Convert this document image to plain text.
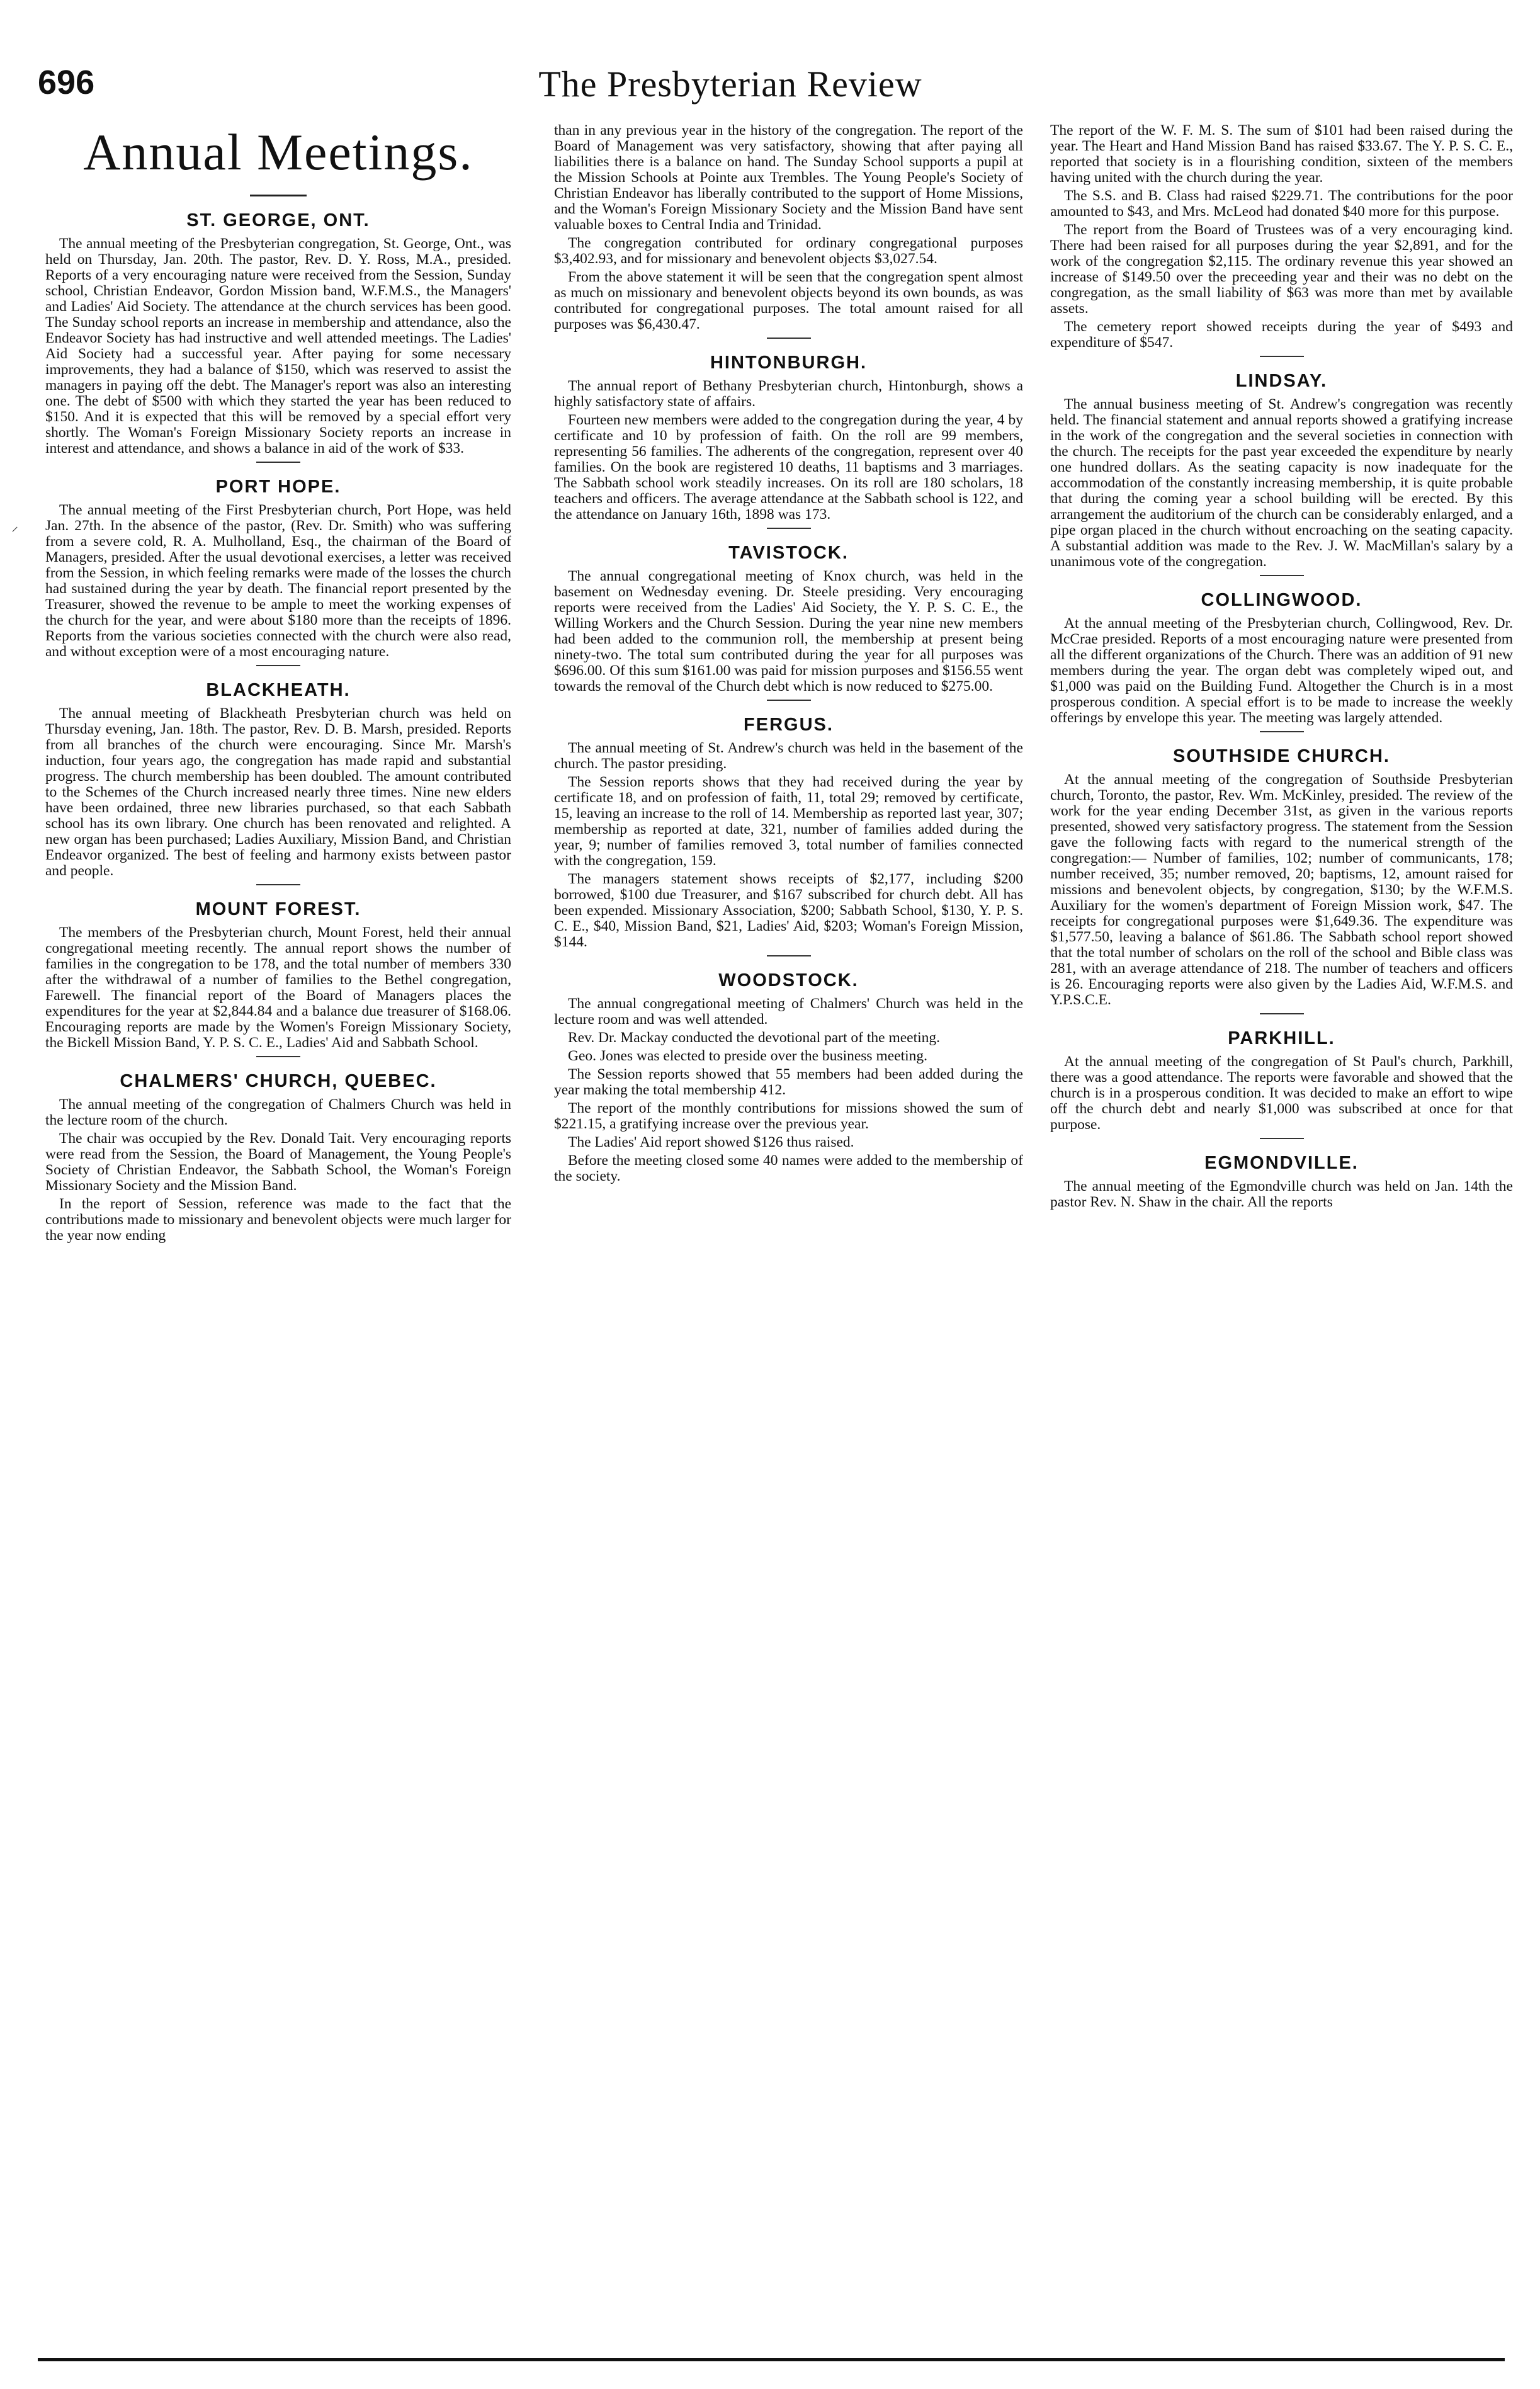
696	The Presbyterian Review
⸝
Annual Meetings.
ST. GEORGE, ONT.

The annual meeting of the Presbyterian congregation, St. George, Ont., was held on Thursday, Jan. 20th. The pastor, Rev. D. Y. Ross, M.A., presided. Reports of a very encouraging nature were received from the Session, Sunday school, Christian Endeavor, Gordon Mission band, W.F.M.S., the Managers' and Ladies' Aid Society. The attendance at the church services has been good. The Sunday school reports an increase in membership and attendance, also the Endeavor Society has had instructive and well attended meetings. The Ladies' Aid Society had a successful year. After paying for some necessary improvements, they had a balance of $150, which was reserved to assist the managers in paying off the debt. The Manager's report was also an interesting one. The debt of $500 with which they started the year has been reduced to $150. And it is expected that this will be removed by a special effort very shortly. The Woman's Foreign Missionary Society reports an increase in interest and attendance, and shows a balance in aid of the work of $33.

PORT HOPE.

The annual meeting of the First Presbyterian church, Port Hope, was held Jan. 27th. In the absence of the pastor, (Rev. Dr. Smith) who was suffering from a severe cold, R. A. Mulholland, Esq., the chairman of the Board of Managers, presided. After the usual devotional exercises, a letter was received from the Session, in which feeling remarks were made of the losses the church had sustained during the year by death. The financial report presented by the Treasurer, showed the revenue to be ample to meet the working expenses of the church for the year, and were about $180 more than the receipts of 1896. Reports from the various societies connected with the church were also read, and without exception were of a most encouraging nature.

BLACKHEATH.

The annual meeting of Blackheath Presbyterian church was held on Thursday evening, Jan. 18th. The pastor, Rev. D. B. Marsh, presided. Reports from all branches of the church were encouraging. Since Mr. Marsh's induction, four years ago, the congregation has made rapid and substantial progress. The church membership has been doubled. The amount contributed to the Schemes of the Church increased nearly three times. Nine new elders have been ordained, three new libraries purchased, so that each Sabbath school has its own library. One church has been renovated and relighted. A new organ has been purchased; Ladies Auxiliary, Mission Band, and Christian Endeavor organized. The best of feeling and harmony exists between pastor and people.

MOUNT FOREST.

The members of the Presbyterian church, Mount Forest, held their annual congregational meeting recently. The annual report shows the number of families in the congregation to be 178, and the total number of members 330 after the withdrawal of a number of families to the Bethel congregation, Farewell. The financial report of the Board of Managers places the expenditures for the year at $2,844.84 and a balance due treasurer of $168.06. Encouraging reports are made by the Women's Foreign Missionary Society, the Bickell Mission Band, Y. P. S. C. E., Ladies' Aid and Sabbath School.

CHALMERS' CHURCH, QUEBEC.

The annual meeting of the congregation of Chalmers Church was held in the lecture room of the church.

The chair was occupied by the Rev. Donald Tait. Very encouraging reports were read from the Session, the Board of Management, the Young People's Society of Christian Endeavor, the Sabbath School, the Woman's Foreign Missionary Society and the Mission Band.

In the report of Session, reference was made to the fact that the contributions made to missionary and benevolent objects were much larger for the year now ending

than in any previous year in the history of the congregation. The report of the Board of Management was very satisfactory, showing that after paying all liabilities there is a balance on hand. The Sunday School supports a pupil at the Mission Schools at Pointe aux Trembles. The Young People's Society of Christian Endeavor has liberally contributed to the support of Home Missions, and the Woman's Foreign Missionary Society and the Mission Band have sent valuable boxes to Central India and Trinidad.

The congregation contributed for ordinary congregational purposes $3,402.93, and for missionary and benevolent objects $3,027.54.

From the above statement it will be seen that the congregation spent almost as much on missionary and benevolent objects beyond its own bounds, as was contributed for congregational purposes. The total amount raised for all purposes was $6,430.47.

HINTONBURGH.

The annual report of Bethany Presbyterian church, Hintonburgh, shows a highly satisfactory state of affairs.

Fourteen new members were added to the congregation during the year, 4 by certificate and 10 by profession of faith. On the roll are 99 members, representing 56 families. The adherents of the congregation, represent over 40 families. On the book are registered 10 deaths, 11 baptisms and 3 marriages. The Sabbath school work steadily increases. On its roll are 180 scholars, 18 teachers and officers. The average attendance at the Sabbath school is 122, and the attendance on January 16th, 1898 was 173.

TAVISTOCK.

The annual congregational meeting of Knox church, was held in the basement on Wednesday evening. Dr. Steele presiding. Very encouraging reports were received from the Ladies' Aid Society, the Y. P. S. C. E., the Willing Workers and the Church Session. During the year nine new members had been added to the communion roll, the membership at present being ninety-two. The total sum contributed during the year for all purposes was $696.00. Of this sum $161.00 was paid for mission purposes and $156.55 went towards the removal of the Church debt which is now reduced to $275.00.

FERGUS.

The annual meeting of St. Andrew's church was held in the basement of the church. The pastor presiding.

The Session reports shows that they had received during the year by certificate 18, and on profession of faith, 11, total 29; removed by certificate, 15, leaving an increase to the roll of 14. Membership as reported last year, 307; membership as reported at date, 321, number of families added during the year, 9; number of families removed 3, total number of families connected with the congregation, 159.

The managers statement shows receipts of $2,177, including $200 borrowed, $100 due Treasurer, and $167 subscribed for church debt. All has been expended. Missionary Association, $200; Sabbath School, $130, Y. P. S. C. E., $40, Mission Band, $21, Ladies' Aid, $203; Woman's Foreign Mission, $144.

WOODSTOCK.

The annual congregational meeting of Chalmers' Church was held in the lecture room and was well attended.

Rev. Dr. Mackay conducted the devotional part of the meeting.

Geo. Jones was elected to preside over the business meeting.

The Session reports showed that 55 members had been added during the year making the total membership 412.

The report of the monthly contributions for missions showed the sum of $221.15, a gratifying increase over the previous year.

The Ladies' Aid report showed $126 thus raised.

Before the meeting closed some 40 names were added to the membership of the society.

The report of the W. F. M. S. The sum of $101 had been raised during the year. The Heart and Hand Mission Band has raised $33.67. The Y. P. S. C. E., reported that society is in a flourishing condition, sixteen of the members having united with the church during the year.

The S.S. and B. Class had raised $229.71. The contributions for the poor amounted to $43, and Mrs. McLeod had donated $40 more for this purpose.

The report from the Board of Trustees was of a very encouraging kind. There had been raised for all purposes during the year $2,891, and for the work of the congregation $2,115. The ordinary revenue this year showed an increase of $149.50 over the preceeding year and their was no debt on the congregation, as the small liability of $63 was more than met by available assets.

The cemetery report showed receipts during the year of $493 and expenditure of $547.

LINDSAY.

The annual business meeting of St. Andrew's congregation was recently held. The financial statement and annual reports showed a gratifying increase in the work of the congregation and the several societies in connection with the church. The receipts for the past year exceeded the expenditure by nearly one hundred dollars. As the seating capacity is now inadequate for the accommodation of the constantly increasing membership, it is quite probable that during the coming year a school building will be erected. By this arrangement the auditorium of the church can be considerably enlarged, and a pipe organ placed in the church without encroaching on the seating capacity. A substantial addition was made to the Rev. J. W. MacMillan's salary by a unanimous vote of the congregation.

COLLINGWOOD.

At the annual meeting of the Presbyterian church, Collingwood, Rev. Dr. McCrae presided. Reports of a most encouraging nature were presented from all the different organizations of the Church. There was an addition of 91 new members during the year. The organ debt was completely wiped out, and $1,000 was paid on the Building Fund. Altogether the Church is in a most prosperous condition. A special effort is to be made to increase the weekly offerings by envelope this year. The meeting was largely attended.

SOUTHSIDE CHURCH.

At the annual meeting of the congregation of Southside Presbyterian church, Toronto, the pastor, Rev. Wm. McKinley, presided. The review of the work for the year ending December 31st, as given in the various reports presented, showed very satisfactory progress. The statement from the Session gave the following facts with regard to the numerical strength of the congregation:— Number of families, 102; number of communicants, 178; number received, 35; number removed, 20; baptisms, 12, amount raised for missions and benevolent objects, by congregation, $130; by the W.F.M.S. Auxiliary for the women's department of Foreign Mission work, $47. The receipts for congregational purposes were $1,649.36. The expenditure was $1,577.50, leaving a balance of $61.86. The Sabbath school report showed that the total number of scholars on the roll of the school and Bible class was 281, with an average attendance of 218. The number of teachers and officers is 26. Encouraging reports were also given by the Ladies Aid, W.F.M.S. and Y.P.S.C.E.

PARKHILL.

At the annual meeting of the congregation of St Paul's church, Parkhill, there was a good attendance. The reports were favorable and showed that the church is in a prosperous condition. It was decided to make an effort to wipe off the church debt and nearly $1,000 was subscribed at once for that purpose.

EGMONDVILLE.

The annual meeting of the Egmondville church was held on Jan. 14th the pastor Rev. N. Shaw in the chair. All the reports
